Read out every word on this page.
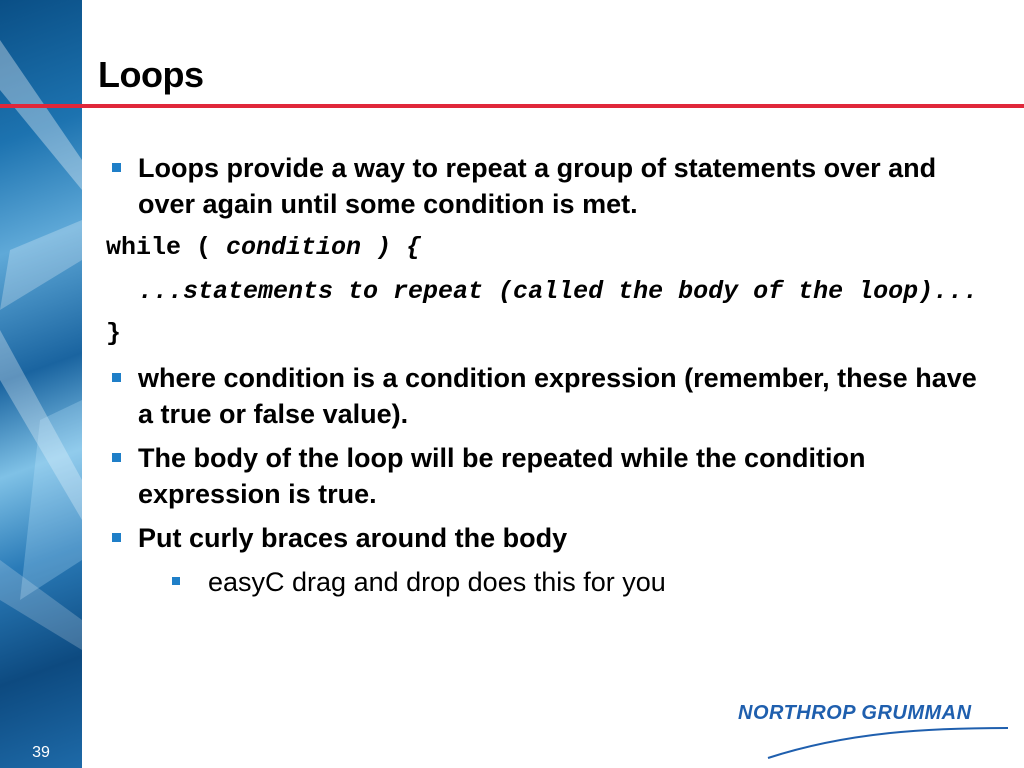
39
Loops
Loops provide a way to repeat a group of statements over and over again until some condition is met.
while ( condition ) {
...statements to repeat (called the body of the loop)...
}
where condition is a condition expression (remember, these have a true or false value).
The body of the loop will be repeated while the condition expression is true.
Put curly braces around the body
easyC drag and drop does this for you
NORTHROP GRUMMAN
